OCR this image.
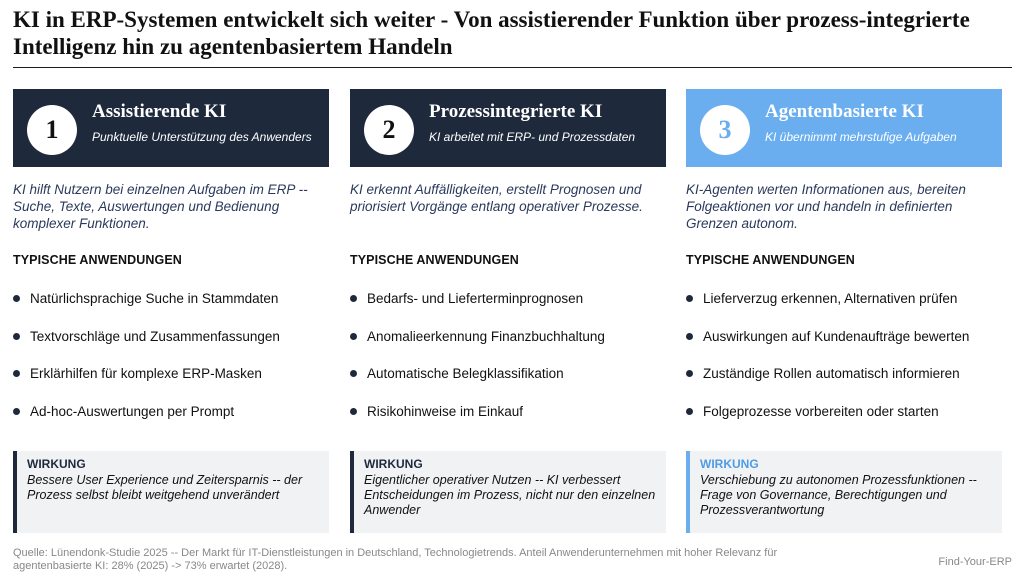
KI in ERP-Systemen entwickelt sich weiter - Von assistierender Funktion über prozess-integrierte Intelligenz hin zu agentenbasiertem Handeln
1
Assistierende KI
Punktuelle Unterstützung des Anwenders

KI hilft Nutzern bei einzelnen Aufgaben im ERP -- Suche, Texte, Auswertungen und Bedienung komplexer Funktionen.

TYPISCHE ANWENDUNGEN
Natürlichsprachige Suche in Stammdaten
Textvorschläge und Zusammenfassungen
Erklärhilfen für komplexe ERP-Masken
Ad-hoc-Auswertungen per Prompt
WIRKUNG
Bessere User Experience und Zeitersparnis -- der Prozess selbst bleibt weitgehend unverändert
2
Prozessintegrierte KI
KI arbeitet mit ERP- und Prozessdaten

KI erkennt Auffälligkeiten, erstellt Prognosen und priorisiert Vorgänge entlang operativer Prozesse.

TYPISCHE ANWENDUNGEN
Bedarfs- und Lieferterminprognosen
Anomalieerkennung Finanzbuchhaltung
Automatische Belegklassifikation
Risikohinweise im Einkauf
WIRKUNG
Eigentlicher operativer Nutzen -- KI verbessert Entscheidungen im Prozess, nicht nur den einzelnen Anwender
3
Agentenbasierte KI
KI übernimmt mehrstufige Aufgaben

KI-Agenten werten Informationen aus, bereiten Folgeaktionen vor und handeln in definierten Grenzen autonom.

TYPISCHE ANWENDUNGEN
Lieferverzug erkennen, Alternativen prüfen
Auswirkungen auf Kundenaufträge bewerten
Zuständige Rollen automatisch informieren
Folgeprozesse vorbereiten oder starten
WIRKUNG
Verschiebung zu autonomen Prozessfunktionen -- Frage von Governance, Berechtigungen und Prozessverantwortung

Quelle: Lünendonk-Studie 2025 -- Der Markt für IT-Dienstleistungen in Deutschland, Technologietrends. Anteil Anwenderunternehmen mit hoher Relevanz für agentenbasierte KI: 28% (2025) -> 73% erwartet (2028).	Find-Your-ERP
